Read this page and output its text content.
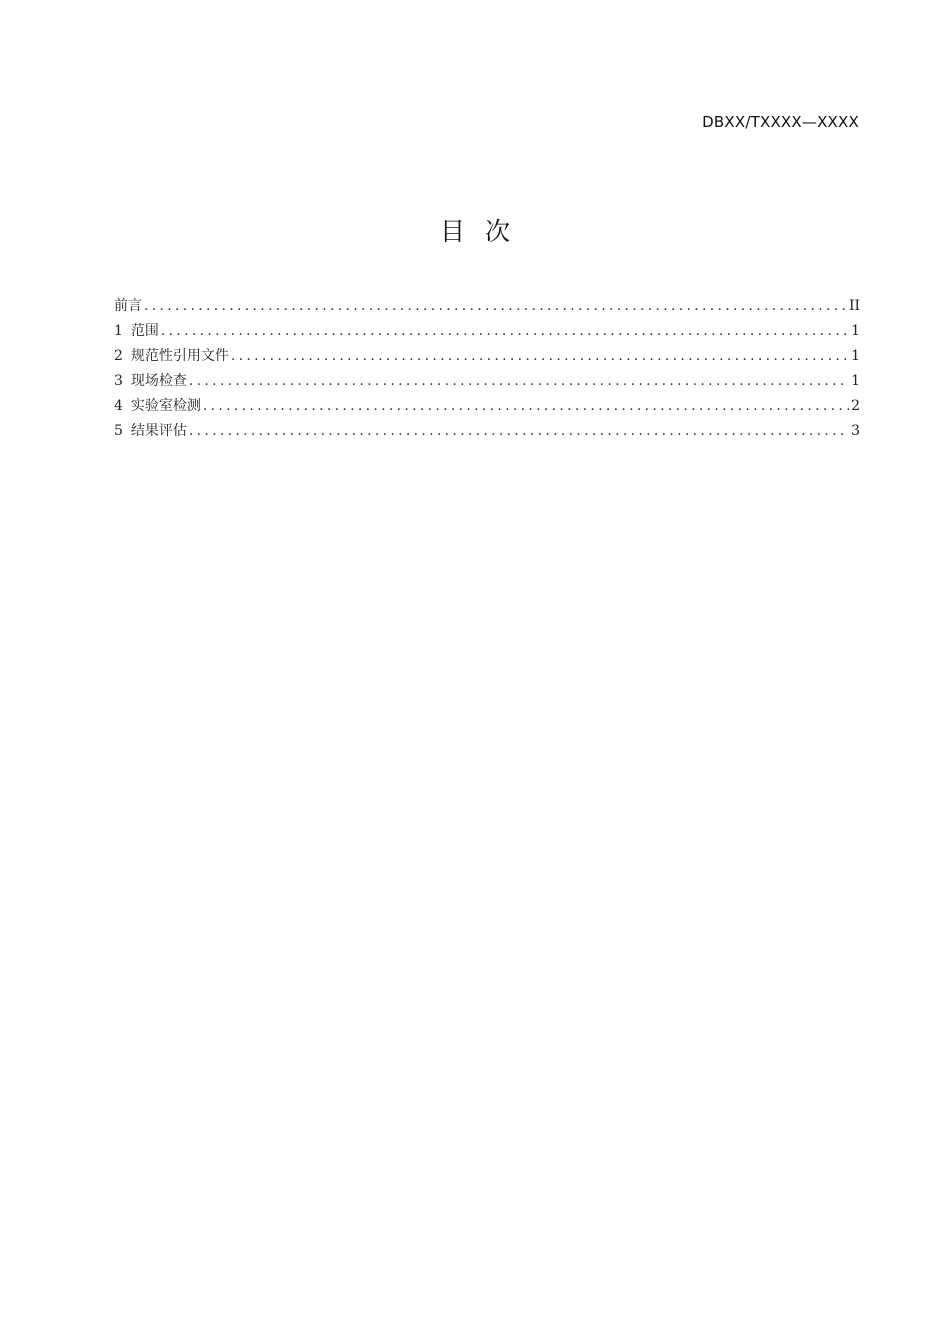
DBXX/TXXXX—XXXX
目 次
前言 .....	II
1 范围 .....	1
2 规范性引用文件 .....	1
3 现场检查 .....	1
4 实验室检测 .....	2
5 结果评估 .....	3
